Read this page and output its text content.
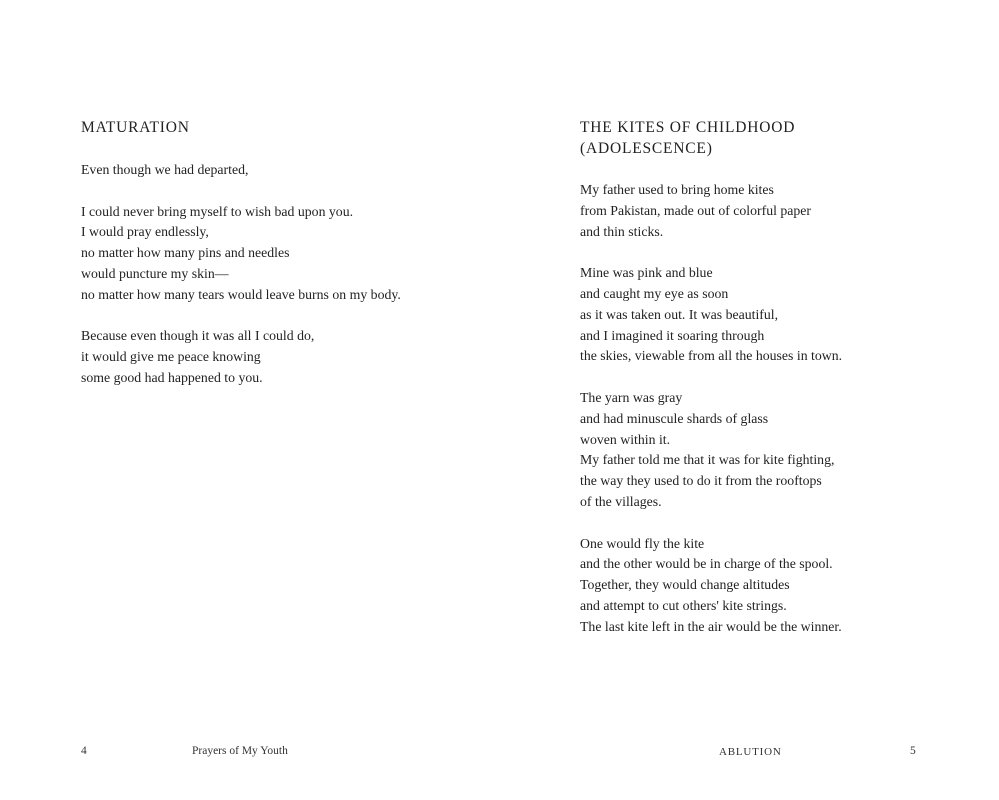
MATURATION
Even though we had departed,
I could never bring myself to wish bad upon you.
I would pray endlessly,
no matter how many pins and needles
would puncture my skin—
no matter how many tears would leave burns on my body.
Because even though it was all I could do,
it would give me peace knowing
some good had happened to you.
4	Prayers of My Youth
THE KITES OF CHILDHOOD
(ADOLESCENCE)
My father used to bring home kites
from Pakistan, made out of colorful paper
and thin sticks.
Mine was pink and blue
and caught my eye as soon
as it was taken out. It was beautiful,
and I imagined it soaring through
the skies, viewable from all the houses in town.
The yarn was gray
and had minuscule shards of glass
woven within it.
My father told me that it was for kite fighting,
the way they used to do it from the rooftops
of the villages.
One would fly the kite
and the other would be in charge of the spool.
Together, they would change altitudes
and attempt to cut others' kite strings.
The last kite left in the air would be the winner.
ABLUTION	5
